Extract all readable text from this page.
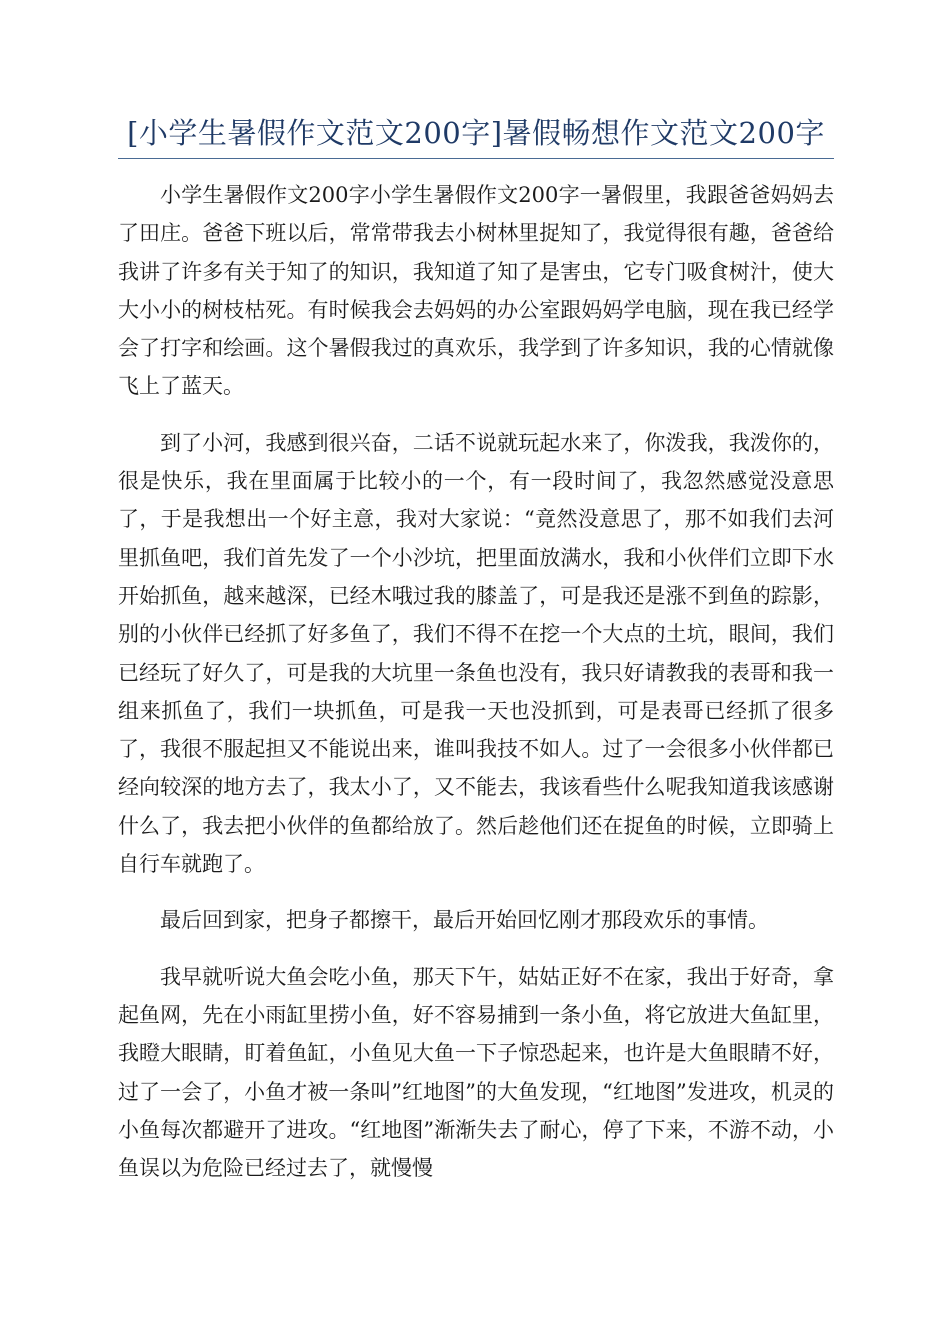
[小学生暑假作文范文200字]暑假畅想作文范文200字

小学生暑假作文200字小学生暑假作文200字一暑假里，我跟爸爸妈妈去了田庄。爸爸下班以后，常常带我去小树林里捉知了，我觉得很有趣，爸爸给我讲了许多有关于知了的知识，我知道了知了是害虫，它专门吸食树汁，使大大小小的树枝枯死。有时候我会去妈妈的办公室跟妈妈学电脑，现在我已经学会了打字和绘画。这个暑假我过的真欢乐，我学到了许多知识，我的心情就像飞上了蓝天。

到了小河，我感到很兴奋，二话不说就玩起水来了，你泼我，我泼你的，很是快乐，我在里面属于比较小的一个，有一段时间了，我忽然感觉没意思了，于是我想出一个好主意，我对大家说：“竟然没意思了，那不如我们去河里抓鱼吧，我们首先发了一个小沙坑，把里面放满水，我和小伙伴们立即下水开始抓鱼，越来越深，已经木哦过我的膝盖了，可是我还是涨不到鱼的踪影，别的小伙伴已经抓了好多鱼了，我们不得不在挖一个大点的土坑，眼间，我们已经玩了好久了，可是我的大坑里一条鱼也没有，我只好请教我的表哥和我一组来抓鱼了，我们一块抓鱼，可是我一天也没抓到，可是表哥已经抓了很多了，我很不服起担又不能说出来，谁叫我技不如人。过了一会很多小伙伴都已经向较深的地方去了，我太小了，又不能去，我该看些什么呢我知道我该感谢什么了，我去把小伙伴的鱼都给放了。然后趁他们还在捉鱼的时候，立即骑上自行车就跑了。

最后回到家，把身子都擦干，最后开始回忆刚才那段欢乐的事情。

我早就听说大鱼会吃小鱼，那天下午，姑姑正好不在家，我出于好奇，拿起鱼网，先在小雨缸里捞小鱼，好不容易捕到一条小鱼，将它放进大鱼缸里，我瞪大眼睛，盯着鱼缸，小鱼见大鱼一下子惊恐起来，也许是大鱼眼睛不好，过了一会了，小鱼才被一条叫”红地图”的大鱼发现，“红地图”发进攻，机灵的小鱼每次都避开了进攻。“红地图”渐渐失去了耐心，停了下来，不游不动，小鱼误以为危险已经过去了，就慢慢
